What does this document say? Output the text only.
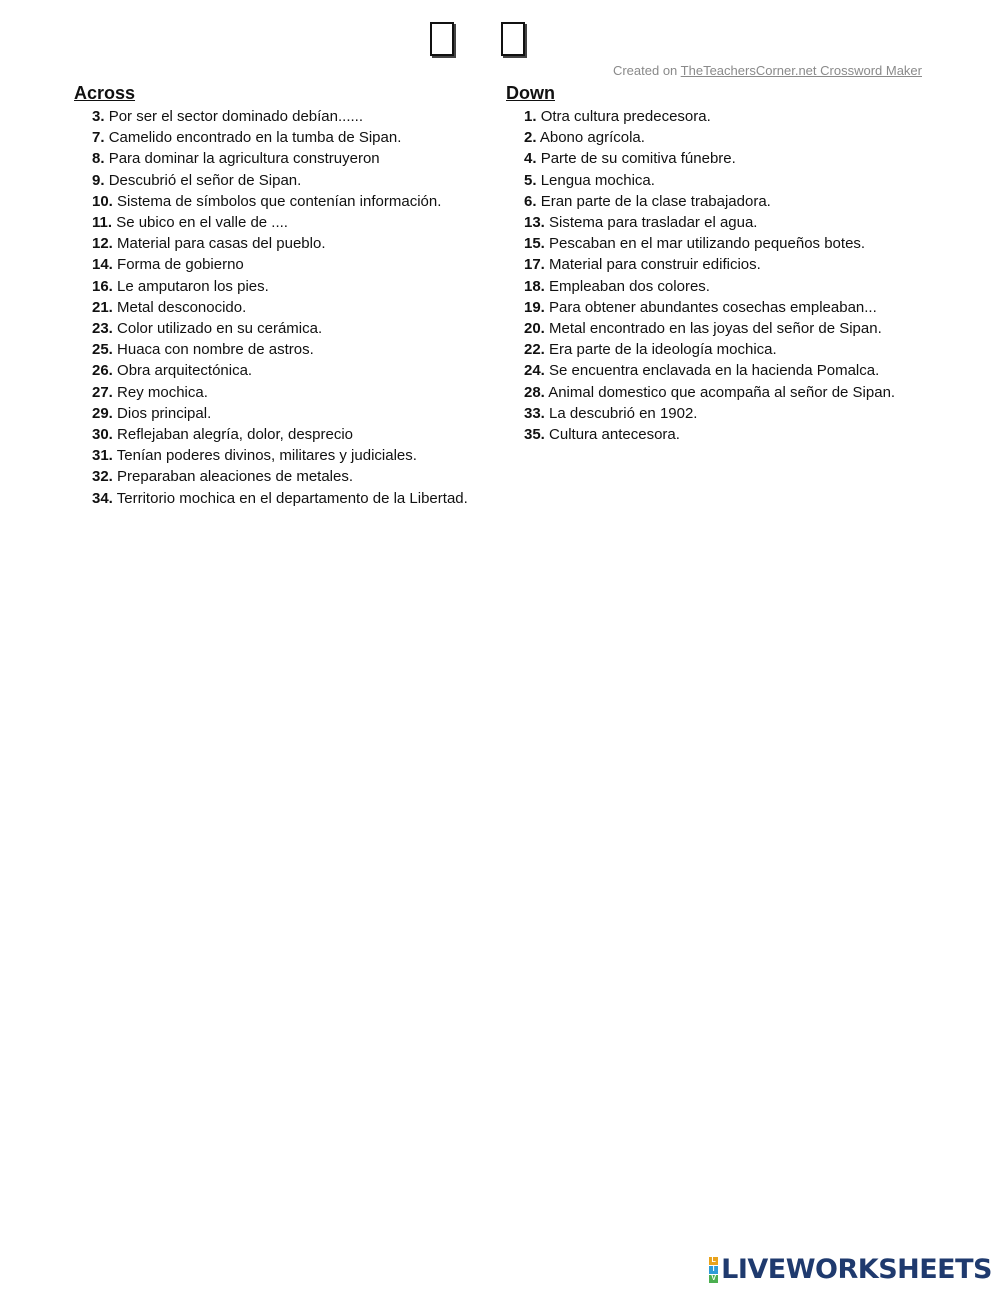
Created on TheTeachersCorner.net Crossword Maker
Across
3. Por ser el sector dominado debían......
7. Camelido encontrado en la tumba de Sipan.
8. Para dominar la agricultura construyeron
9. Descubrió el señor de Sipan.
10. Sistema de símbolos que contenían información.
11. Se ubico en el valle de ....
12. Material para casas del pueblo.
14. Forma de gobierno
16. Le amputaron los pies.
21. Metal desconocido.
23. Color utilizado en su cerámica.
25. Huaca con nombre de astros.
26. Obra arquitectónica.
27. Rey mochica.
29. Dios principal.
30. Reflejaban alegría, dolor, desprecio
31. Tenían poderes divinos, militares y judiciales.
32. Preparaban aleaciones de metales.
34. Territorio mochica en el departamento de la Libertad.
Down
1. Otra cultura predecesora.
2. Abono agrícola.
4. Parte de su comitiva fúnebre.
5. Lengua mochica.
6. Eran parte de la clase trabajadora.
13. Sistema para trasladar el agua.
15. Pescaban en el mar utilizando pequeños botes.
17. Material para construir edificios.
18. Empleaban dos colores.
19. Para obtener abundantes cosechas empleaban...
20. Metal encontrado en las joyas del señor de Sipan.
22. Era parte de la ideología mochica.
24. Se encuentra enclavada en la hacienda Pomalca.
28. Animal domestico que acompaña al señor de Sipan.
33. La descubrió en 1902.
35. Cultura antecesora.
L
I
V LIVEWORKSHEETS
